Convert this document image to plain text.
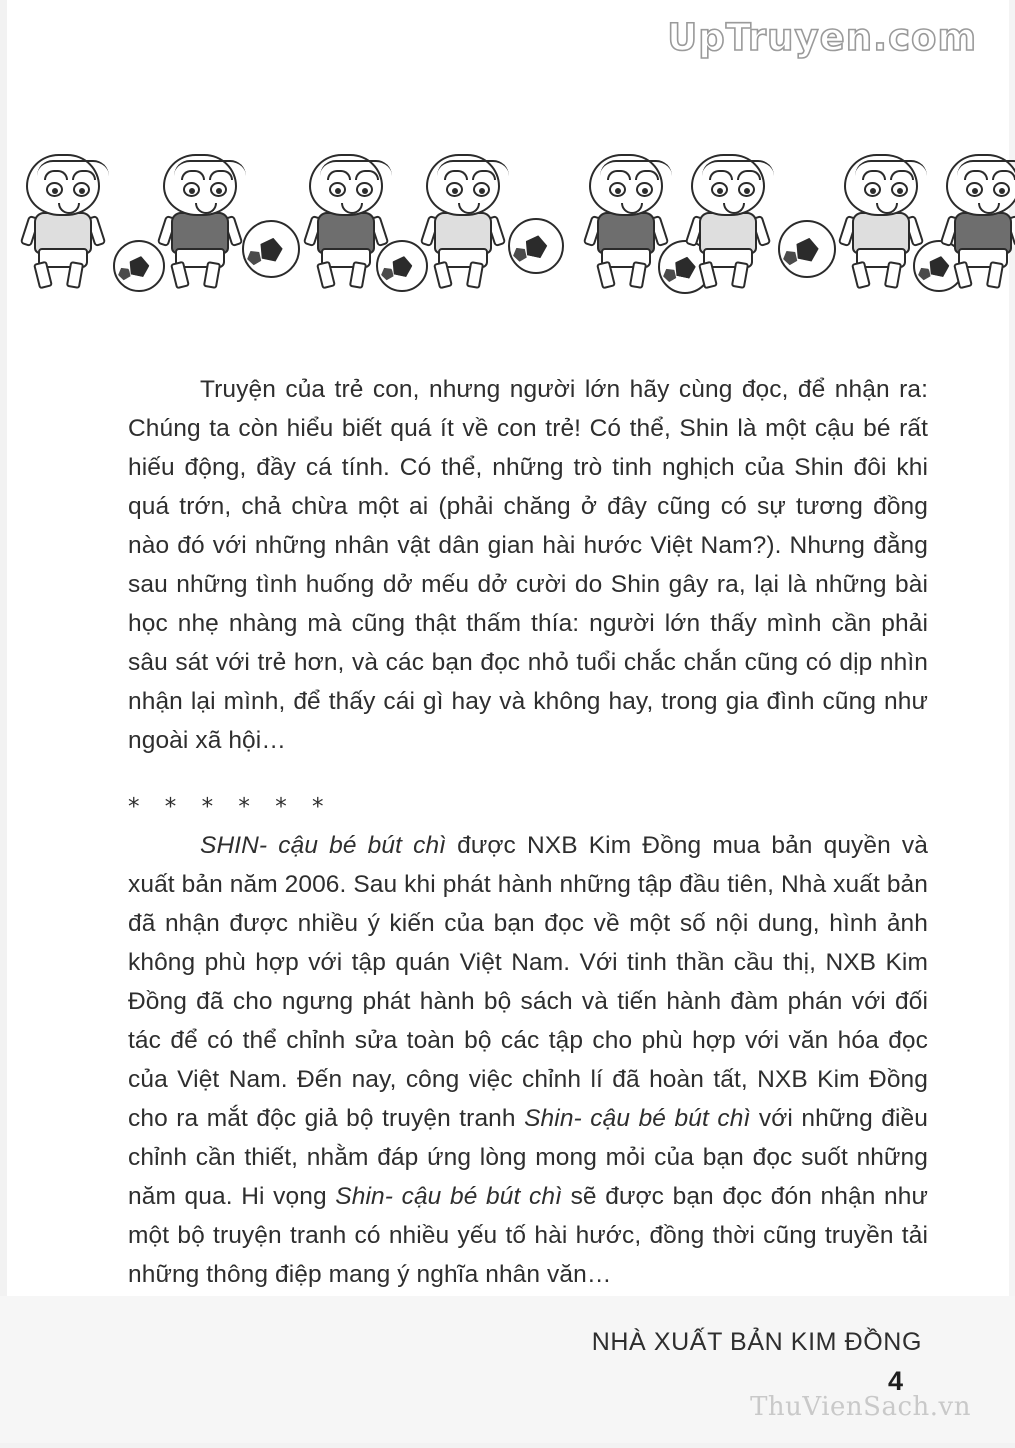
UpTruyen.com

Truyện của trẻ con, nhưng người lớn hãy cùng đọc, để nhận ra: Chúng ta còn hiểu biết quá ít về con trẻ! Có thể, Shin là một cậu bé rất hiếu động, đầy cá tính. Có thể, những trò tinh nghịch của Shin đôi khi quá trớn, chả chừa một ai (phải chăng ở đây cũng có sự tương đồng nào đó với những nhân vật dân gian hài hước Việt Nam?). Nhưng đằng sau những tình huống dở mếu dở cười do Shin gây ra, lại là những bài học nhẹ nhàng mà cũng thật thấm thía: người lớn thấy mình cần phải sâu sát với trẻ hơn, và các bạn đọc nhỏ tuổi chắc chắn cũng có dịp nhìn nhận lại mình, để thấy cái gì hay và không hay, trong gia đình cũng như ngoài xã hội…

* * * * * *

SHIN- cậu bé bút chì được NXB Kim Đồng mua bản quyền và xuất bản năm 2006. Sau khi phát hành những tập đầu tiên, Nhà xuất bản đã nhận được nhiều ý kiến của bạn đọc về một số nội dung, hình ảnh không phù hợp với tập quán Việt Nam. Với tinh thần cầu thị, NXB Kim Đồng đã cho ngưng phát hành bộ sách và tiến hành đàm phán với đối tác để có thể chỉnh sửa toàn bộ các tập cho phù hợp với văn hóa đọc của Việt Nam. Đến nay, công việc chỉnh lí đã hoàn tất, NXB Kim Đồng cho ra mắt độc giả bộ truyện tranh Shin- cậu bé bút chì với những điều chỉnh cần thiết, nhằm đáp ứng lòng mong mỏi của bạn đọc suốt những năm qua. Hi vọng Shin- cậu bé bút chì sẽ được bạn đọc đón nhận như một bộ truyện tranh có nhiều yếu tố hài hước, đồng thời cũng truyền tải những thông điệp mang ý nghĩa nhân văn…

NHÀ XUẤT BẢN KIM ĐỒNG
4
ThuVienSach.vn
